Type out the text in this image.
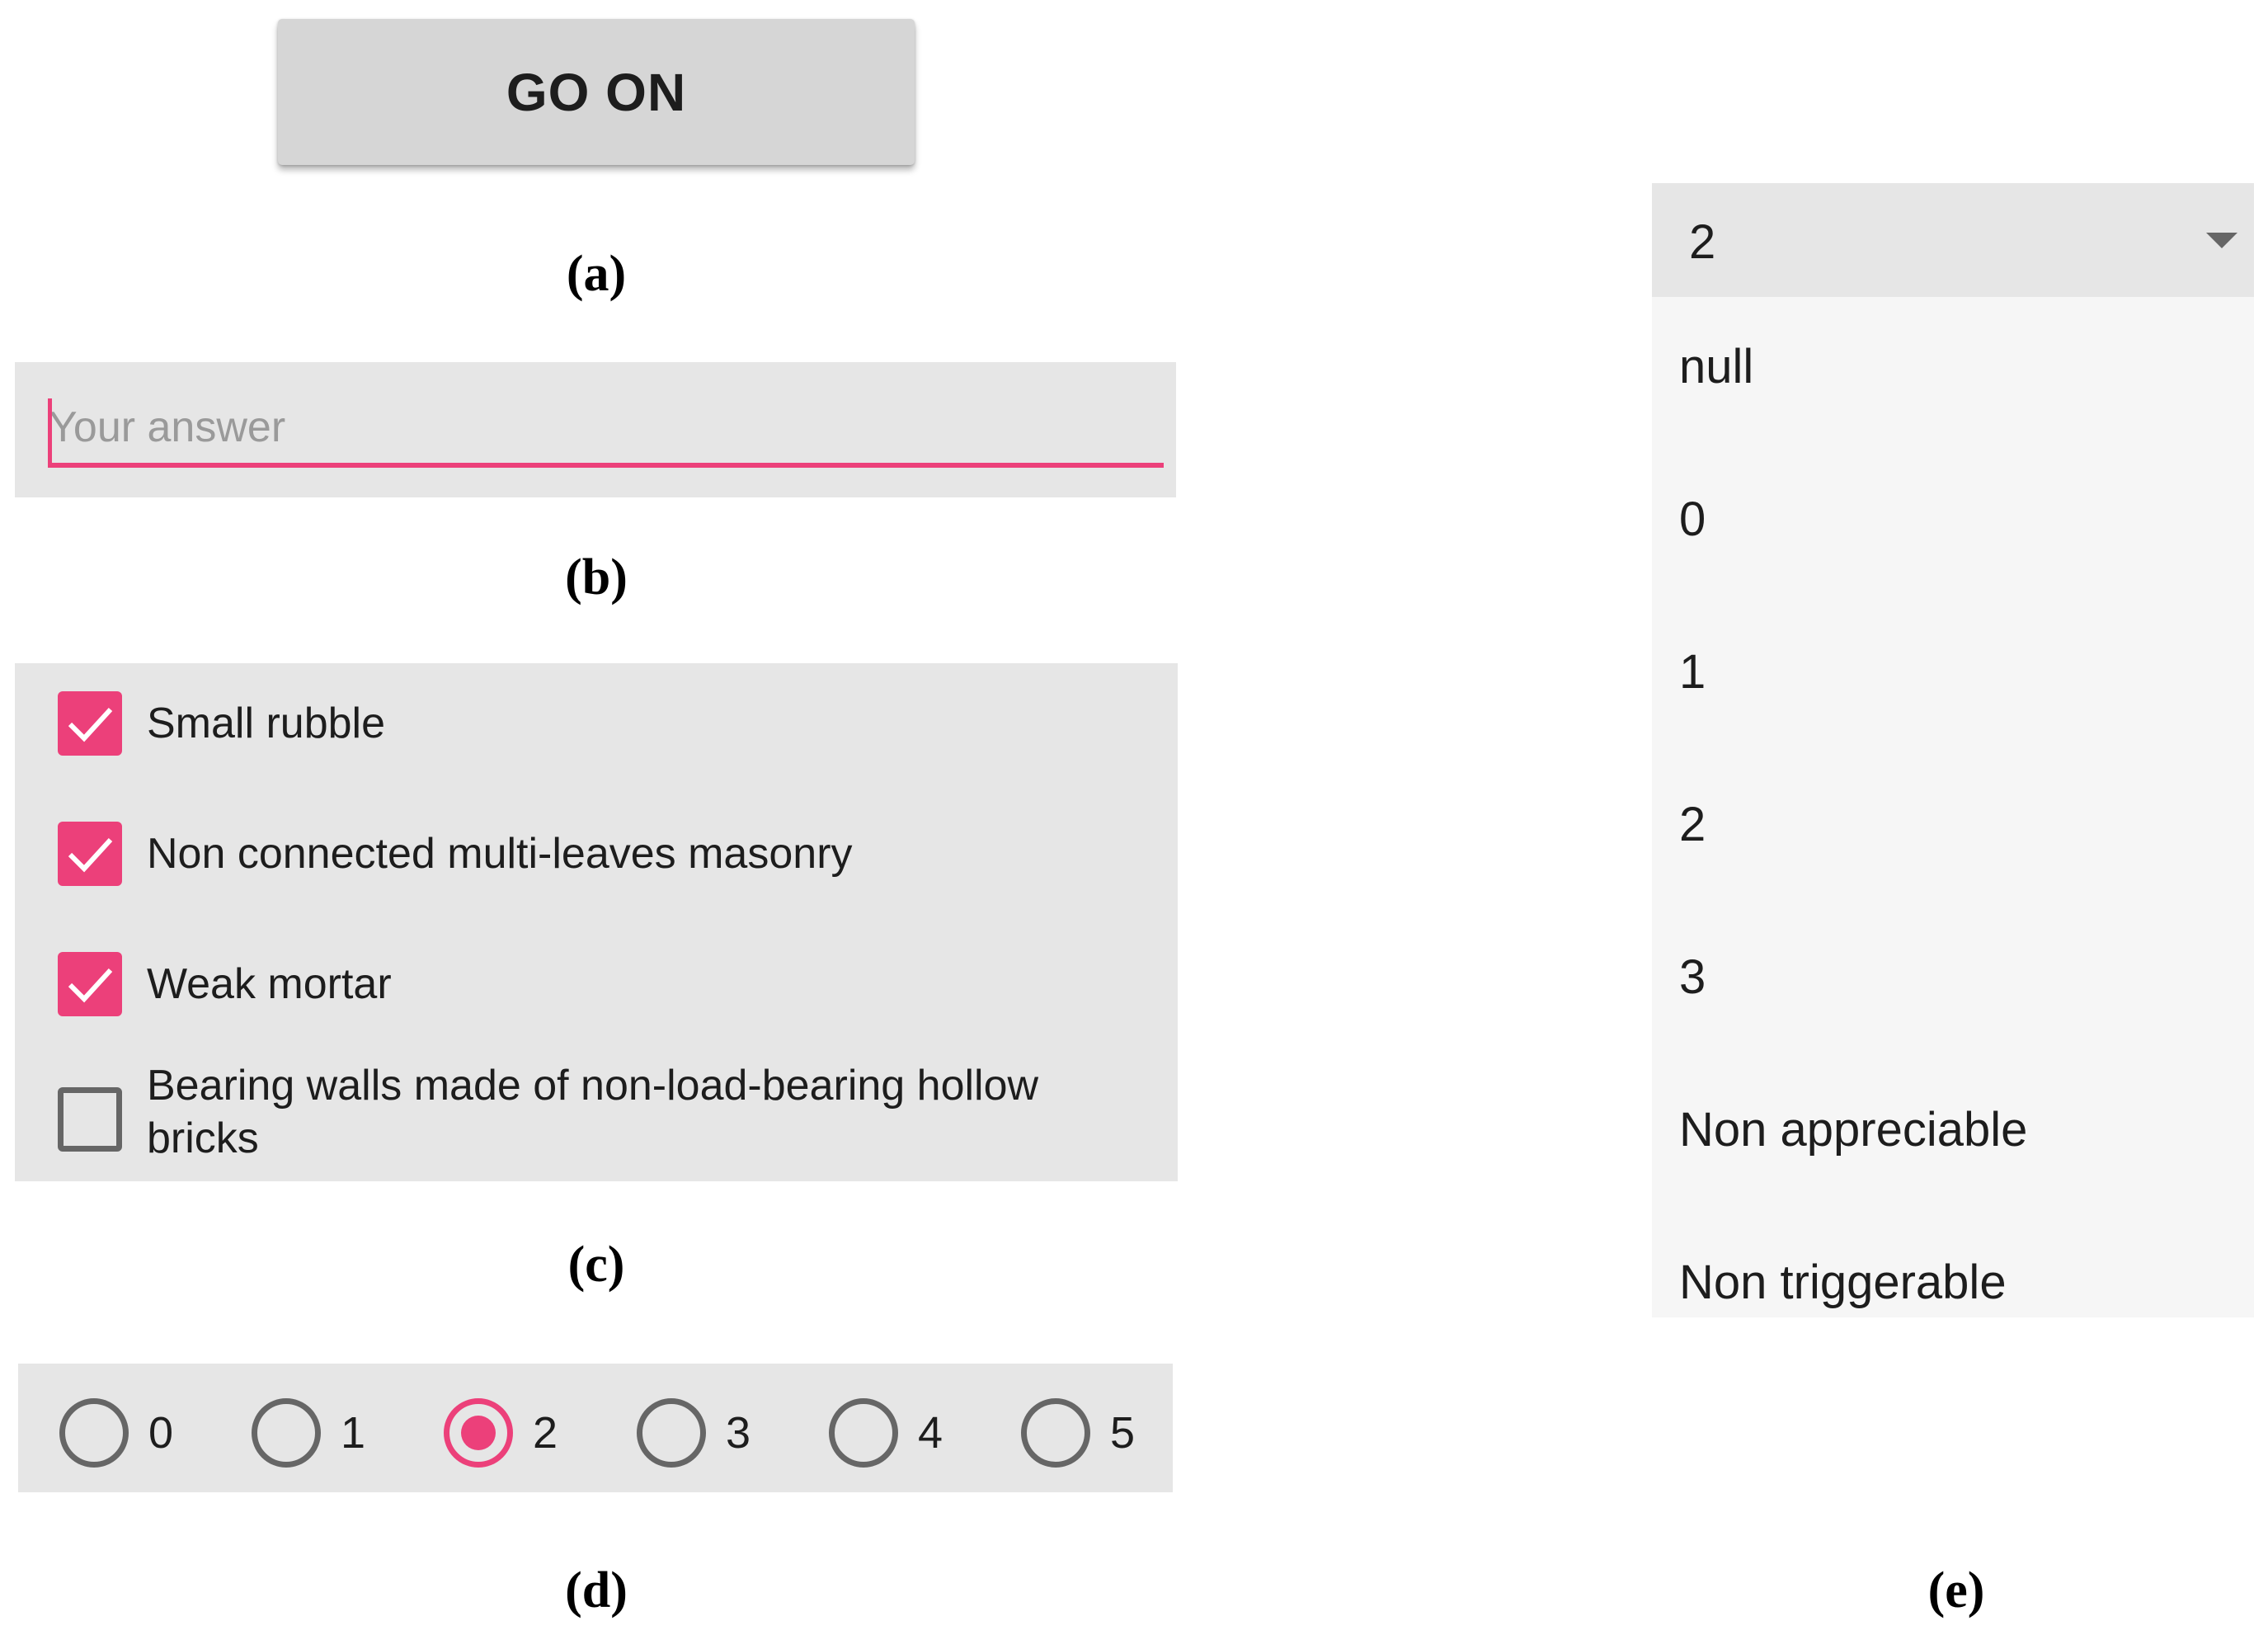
GO ON
(a)
Your answer
(b)
Small rubble
Non connected multi-leaves masonry
Weak mortar
Bearing walls made of non-load-bearing hollow bricks
(c)
0	1	2	3	4	5
(d)
2
null
0
1
2
3
Non appreciable
Non triggerable
(e)
